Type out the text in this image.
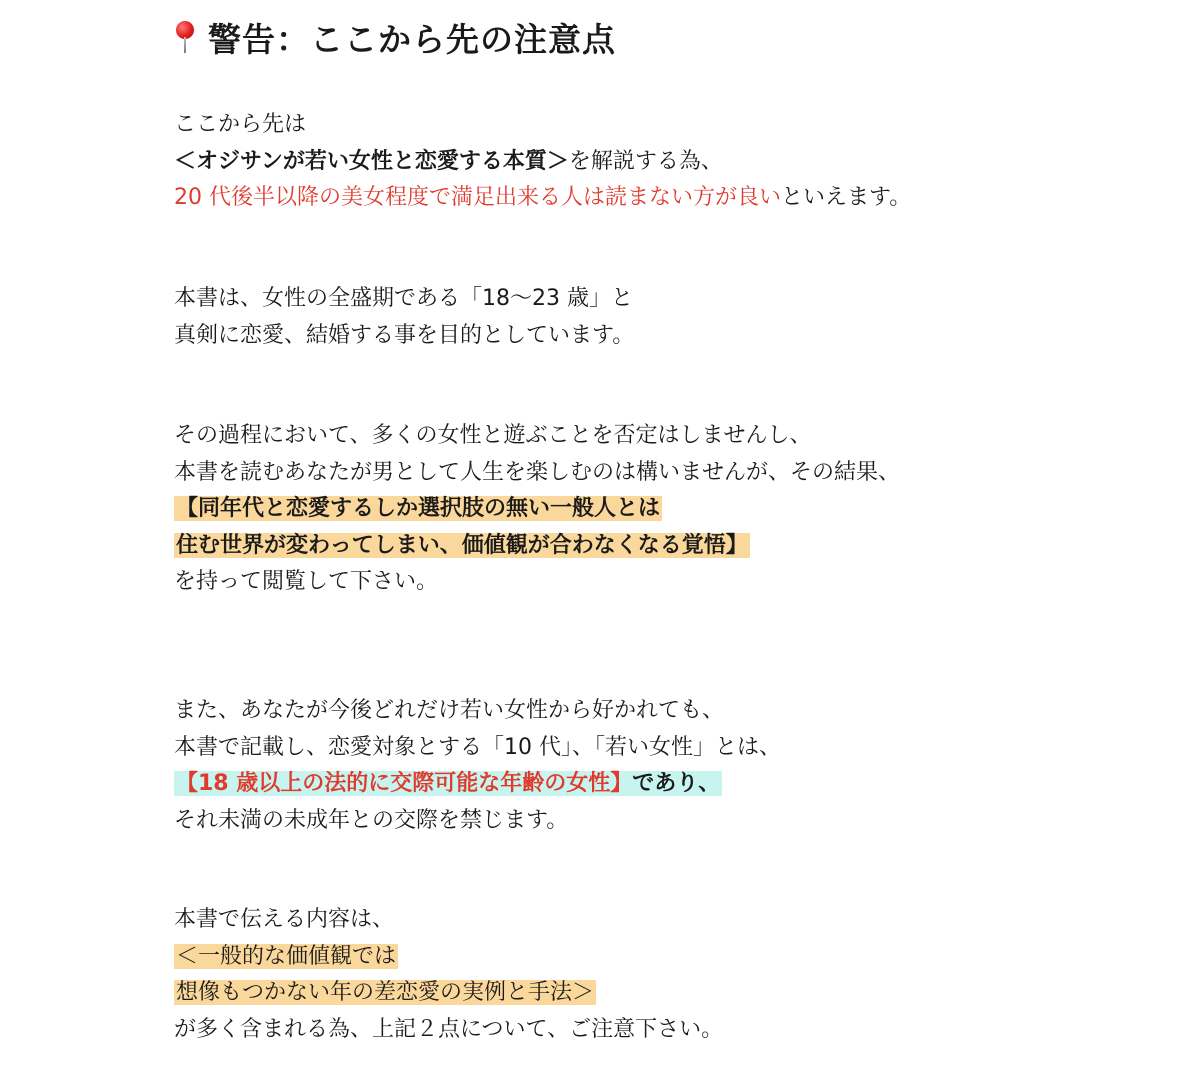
警告：ここから先の注意点
ここから先は
＜オジサンが若い女性と恋愛する本質＞を解説する為、
20 代後半以降の美女程度で満足出来る人は読まない方が良いといえます。
本書は、女性の全盛期である「18〜23 歳」と
真剣に恋愛、結婚する事を目的としています。
その過程において、多くの女性と遊ぶことを否定はしませんし、
本書を読むあなたが男として人生を楽しむのは構いませんが、その結果、
【同年代と恋愛するしか選択肢の無い一般人とは
住む世界が変わってしまい、価値観が合わなくなる覚悟】
を持って閲覧して下さい。
また、あなたが今後どれだけ若い女性から好かれても、
本書で記載し、恋愛対象とする「10 代」、「若い女性」とは、
【18 歳以上の法的に交際可能な年齢の女性】であり、
それ未満の未成年との交際を禁じます。
本書で伝える内容は、
＜一般的な価値観では
想像もつかない年の差恋愛の実例と手法＞
が多く含まれる為、上記２点について、ご注意下さい。
